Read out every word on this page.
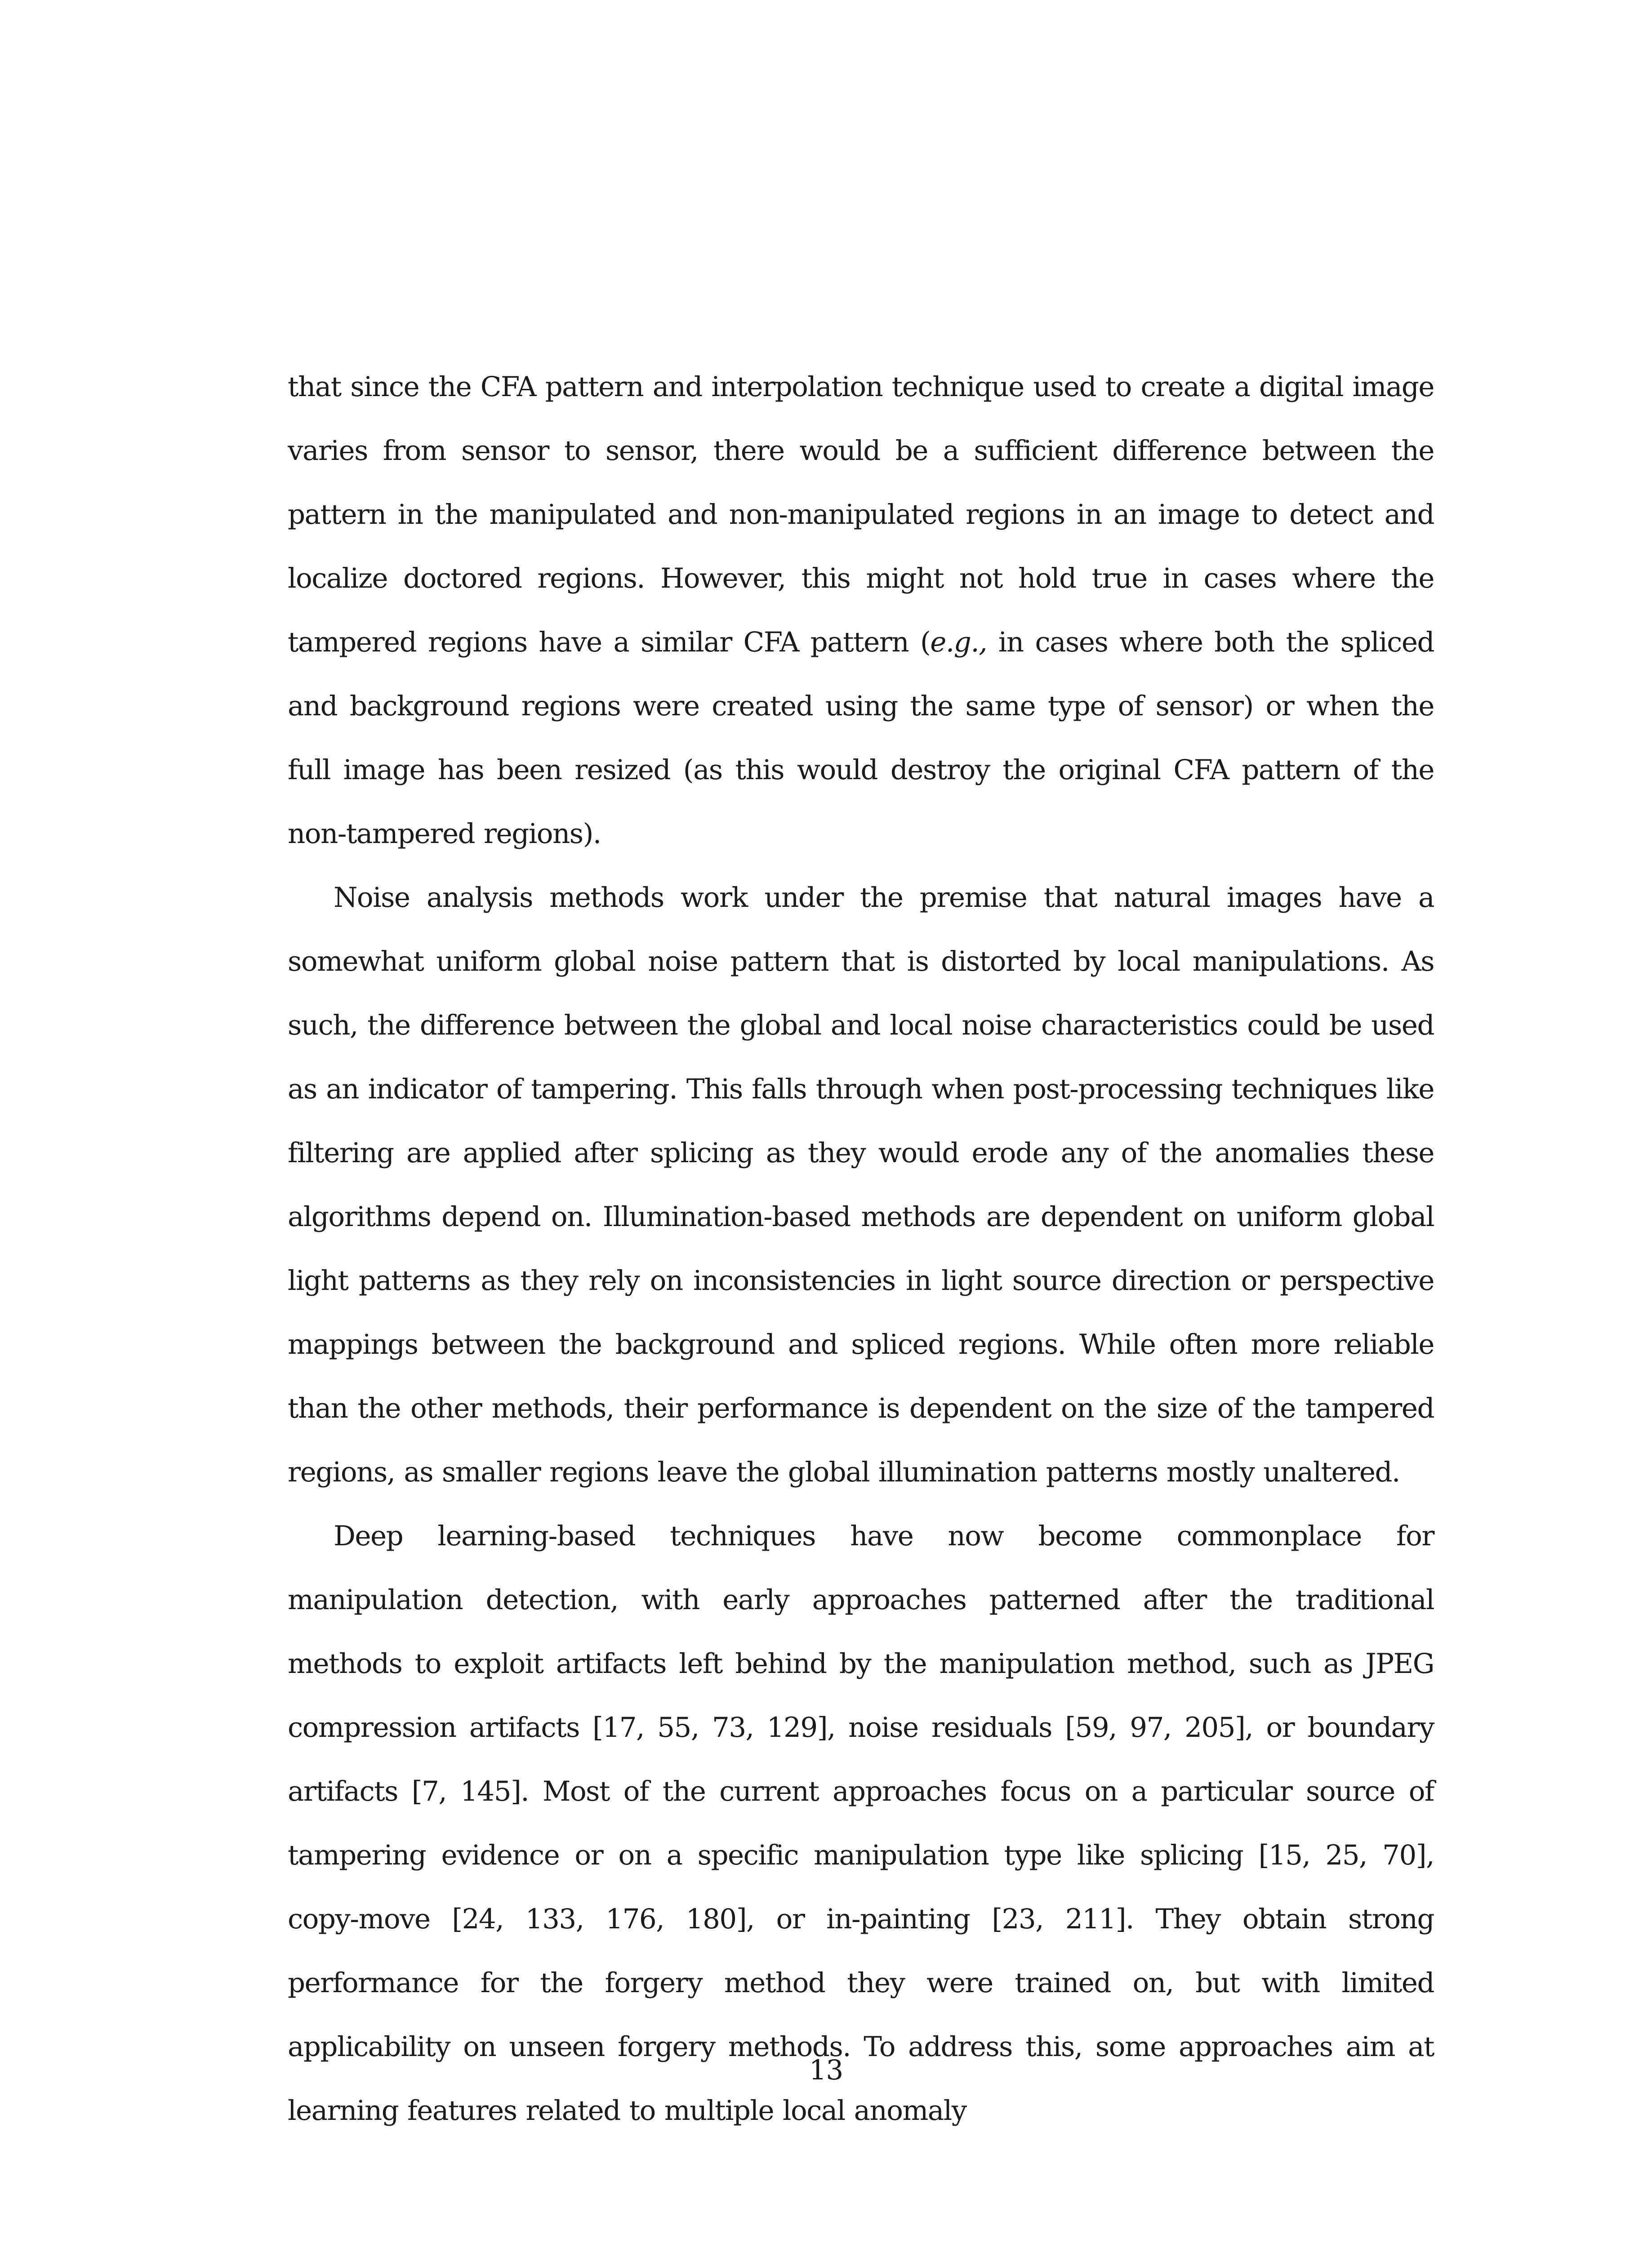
that since the CFA pattern and interpolation technique used to create a digital image varies from sensor to sensor, there would be a sufficient difference between the pattern in the manipulated and non-manipulated regions in an image to detect and localize doctored regions. However, this might not hold true in cases where the tampered regions have a similar CFA pattern (e.g., in cases where both the spliced and background regions were created using the same type of sensor) or when the full image has been resized (as this would destroy the original CFA pattern of the non-tampered regions).

Noise analysis methods work under the premise that natural images have a somewhat uniform global noise pattern that is distorted by local manipulations. As such, the difference between the global and local noise characteristics could be used as an indicator of tampering. This falls through when post-processing techniques like filtering are applied after splicing as they would erode any of the anomalies these algorithms depend on. Illumination-based methods are dependent on uniform global light patterns as they rely on inconsistencies in light source direction or perspective mappings between the background and spliced regions. While often more reliable than the other methods, their performance is dependent on the size of the tampered regions, as smaller regions leave the global illumination patterns mostly unaltered.

Deep learning-based techniques have now become commonplace for manipulation detection, with early approaches patterned after the traditional methods to exploit artifacts left behind by the manipulation method, such as JPEG compression artifacts [17, 55, 73, 129], noise residuals [59, 97, 205], or boundary artifacts [7, 145]. Most of the current approaches focus on a particular source of tampering evidence or on a specific manipulation type like splicing [15, 25, 70], copy-move [24, 133, 176, 180], or in-painting [23, 211]. They obtain strong performance for the forgery method they were trained on, but with limited applicability on unseen forgery methods. To address this, some approaches aim at learning features related to multiple local anomaly

13
